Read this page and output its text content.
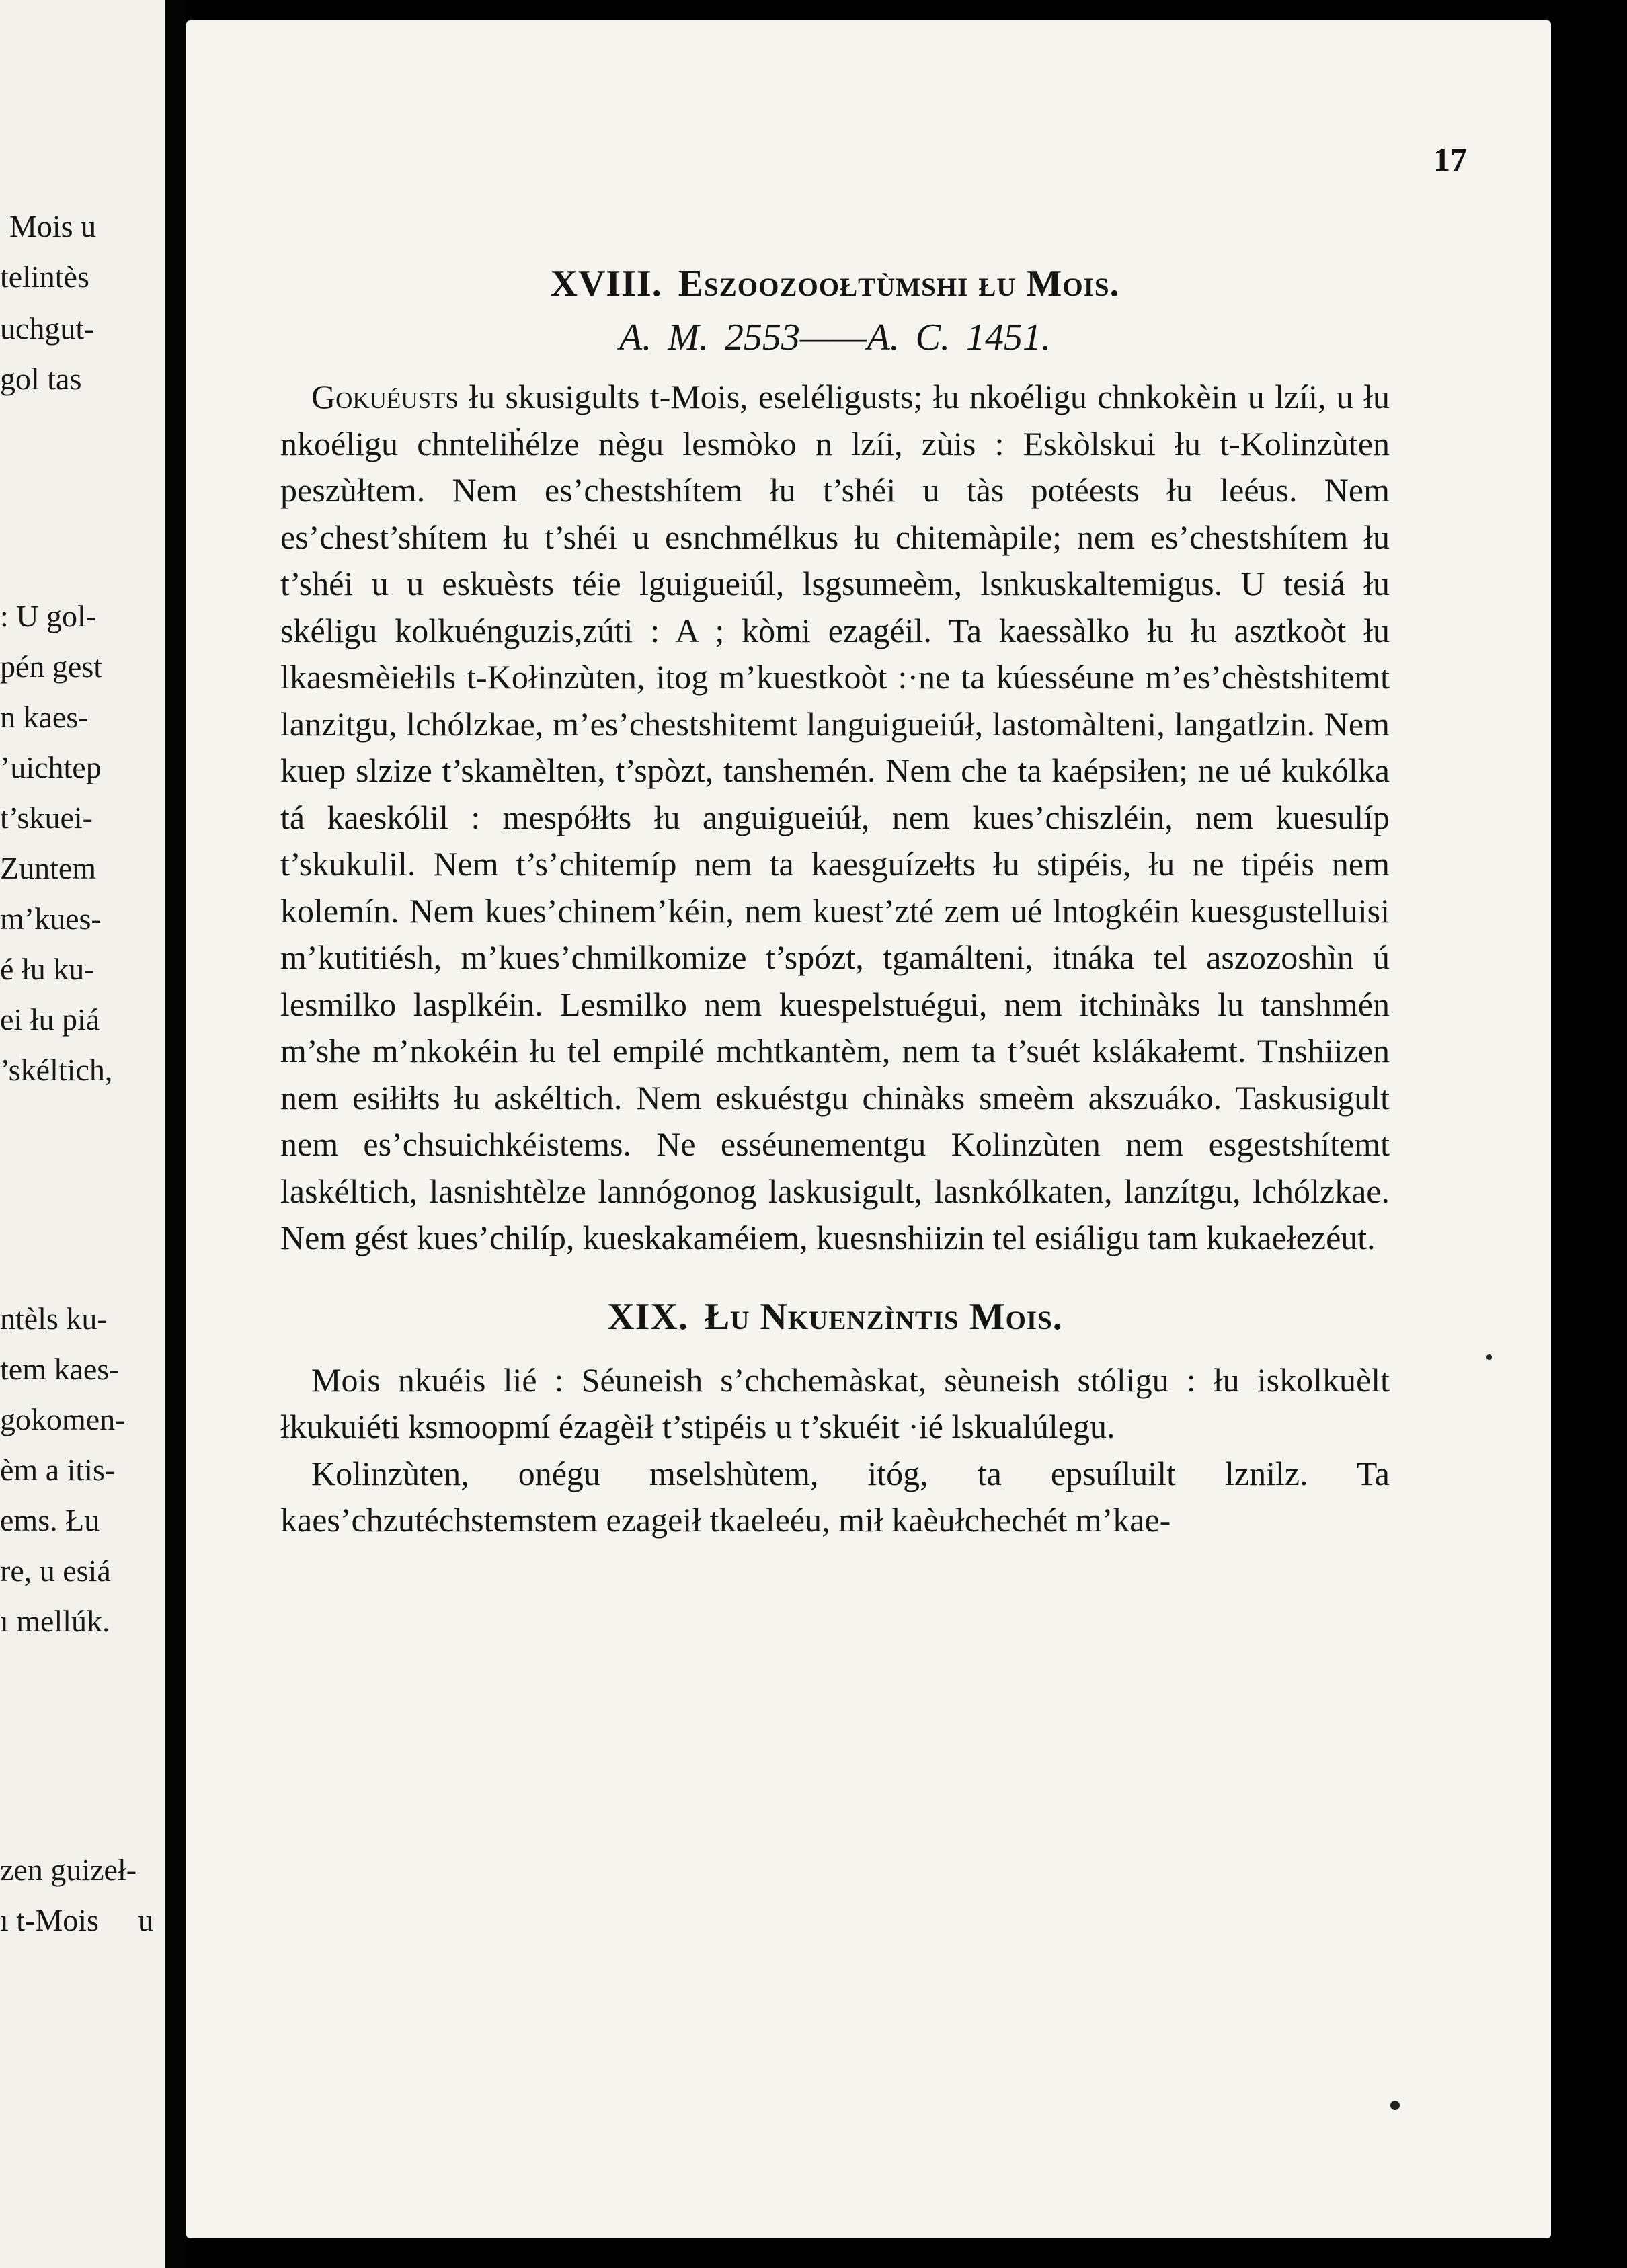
Mois u

telintès

uchgut-

gol tas

: U gol-

pén gest

n kaes-

’uichtep

t’skuei-

Zuntem

m’kues-

é łu ku-

ei łu piá

’skéltich,

ntèls ku-

tem kaes-

gokomen-

èm a itis-

ems. Łu

re, u esiá

ı mellúk.

zen guizeł-

ı t-Mois u

17

XVIII. Eszoozoołtùmshi łu Mois.

A. M. 2553——A. C. 1451.

Gokuéusts łu skusigults t-Mois, eseléligusts; łu nkoéligu chnkokèin u lzíi, u łu nkoéligu chnteliḣélze nègu lesmòko n lzíi, zùis : Eskòlskui łu t-Kolinzùten peszùłtem. Nem es’chestshítem łu t’shéi u tàs potéests łu leéus. Nem es’chest’shítem łu t’shéi u esnchmélkus łu chitemàpile; nem es’chestshítem łu t’shéi u u eskuèsts téie lguigueiúl, lsgsumeèm, lsnkuskaltemigus. U tesiá łu skéligu kolkuénguzis,zúti : A ; kòmi ezagéil. Ta kaessàlko łu łu asztkoòt łu lkaesmèiełils t-Kołinzùten, itog m’kuestkoòt :·ne ta kúesséune m’es’chèstshitemt lanzitgu, lchólzkae, m’es’chestshitemt languigueiúł, lastomàlteni, langatlzin. Nem kuep slzize t’skamèlten, t’spòzt, tanshemén. Nem che ta kaépsiłen; ne ué kukólka tá kaeskólil : mespółłts łu anguigueiúł, nem kues’chiszléin, nem kuesulíp t’skukulil. Nem t’s’chitemíp nem ta kaesguízełts łu stipéis, łu ne tipéis nem kolemín. Nem kues’chinem’kéin, nem kuest’zté zem ué lntogkéin kuesgustelluisi m’kutitiésh, m’kues’chmilkomize t’spózt, tgamálteni, itnáka tel aszozoshìn ú lesmilko lasplkéin. Lesmilko nem kuespelstuégui, nem itchinàks lu tanshmén m’she m’nkokéin łu tel empilé mchtkantèm, nem ta t’suét kslákałemt. Tnshiizen nem esiłiłts łu askéltich. Nem eskuéstgu chinàks smeèm akszuáko. Taskusigult nem es’chsuichkéistems. Ne esséunementgu Kolinzùten nem esgestshítemt laskéltich, lasnishtèlze lannógonog laskusigult, lasnkólkaten, lanzítgu, lchólzkae. Nem gést kues’chilíp, kueskakaméiem, kuesnshiizin tel esiáligu tam kukaełezéut.

XIX. Łu Nkuenzìntis Mois.

Mois nkuéis lié : Séuneish s’chchemàskat, sèuneish stóligu : łu iskolkuèlt łkukuiéti ksmoopmí ézagèił t’stipéis u t’skuéit ·ié lskualúlegu.

Kolinzùten, onégu mselshùtem, itóg, ta epsuíluilt lznilz. Ta kaes’chzutéchstemstem ezageił tkaeleéu, mił kaèułchechét m’kae-
